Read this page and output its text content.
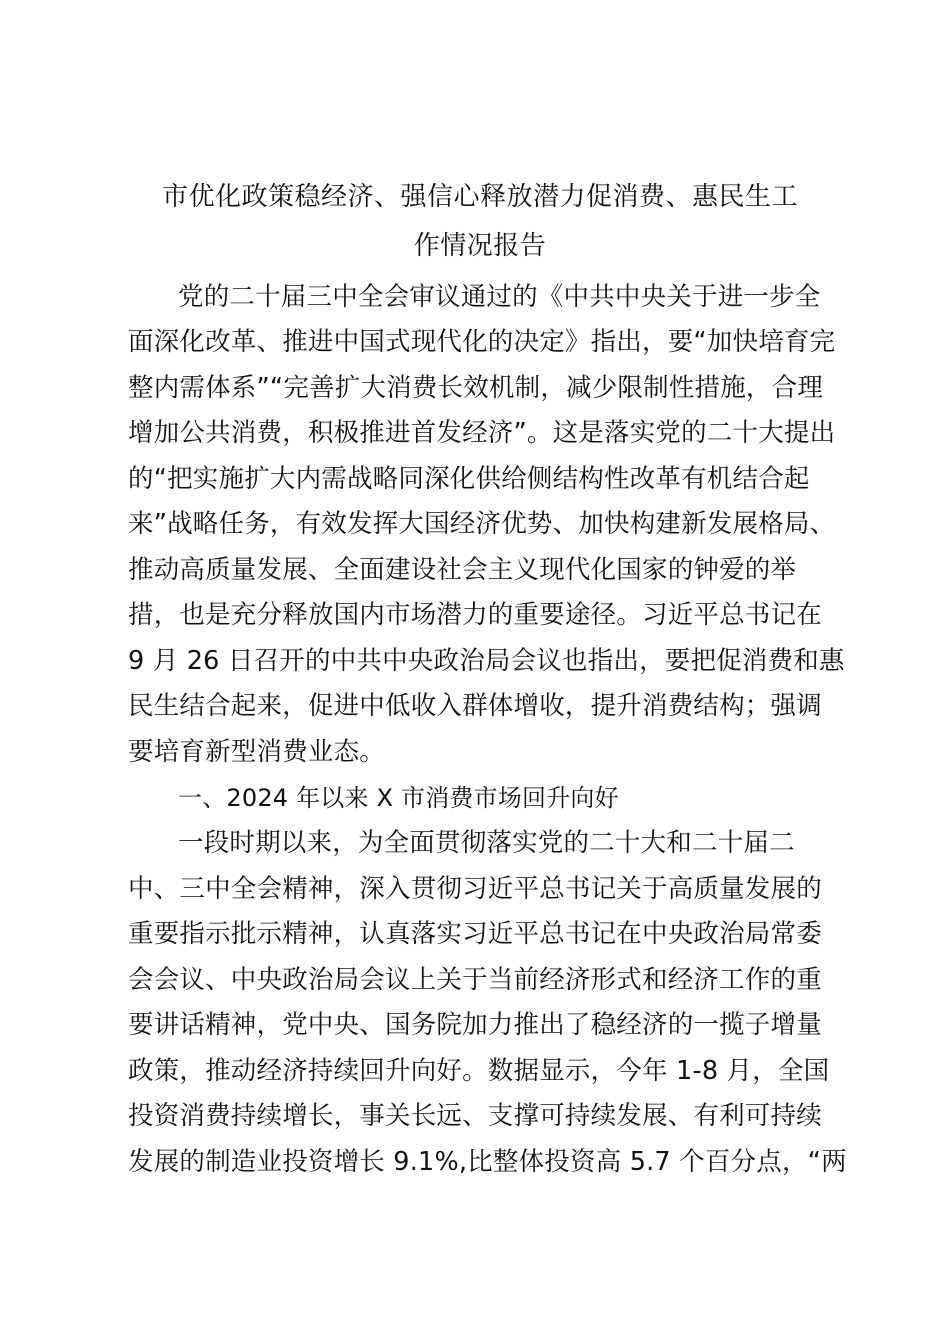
市优化政策稳经济、强信心释放潜力促消费、惠民生工
作情况报告
党的二十届三中全会审议通过的《中共中央关于进一步全
面深化改革、推进中国式现代化的决定》指出，要“加快培育完
整内需体系”“完善扩大消费长效机制，减少限制性措施，合理
增加公共消费，积极推进首发经济”。这是落实党的二十大提出
的“把实施扩大内需战略同深化供给侧结构性改革有机结合起
来”战略任务，有效发挥大国经济优势、加快构建新发展格局、
推动高质量发展、全面建设社会主义现代化国家的钟爱的举
措，也是充分释放国内市场潜力的重要途径。习近平总书记在
9 月 26 日召开的中共中央政治局会议也指出，要把促消费和惠
民生结合起来，促进中低收入群体增收，提升消费结构；强调
要培育新型消费业态。
一、2024 年以来 X 市消费市场回升向好
一段时期以来，为全面贯彻落实党的二十大和二十届二
中、三中全会精神，深入贯彻习近平总书记关于高质量发展的
重要指示批示精神，认真落实习近平总书记在中央政治局常委
会会议、中央政治局会议上关于当前经济形式和经济工作的重
要讲话精神，党中央、国务院加力推出了稳经济的一揽子增量
政策，推动经济持续回升向好。数据显示，今年 1-8 月，全国
投资消费持续增长，事关长远、支撑可持续发展、有利可持续
发展的制造业投资增长 9.1%,比整体投资高 5.7 个百分点，“两
